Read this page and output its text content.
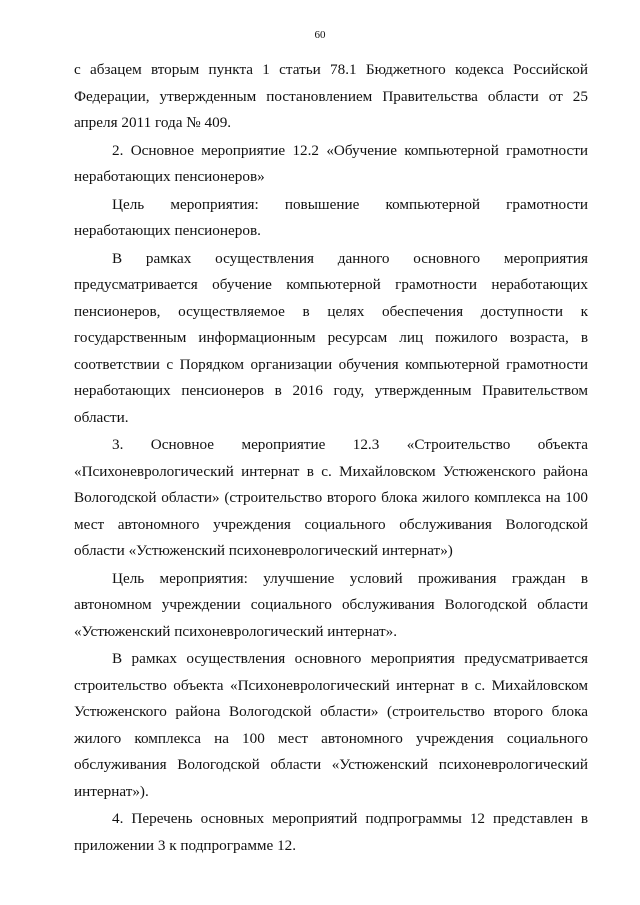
60

с абзацем вторым пункта 1 статьи 78.1 Бюджетного кодекса Российской Федерации, утвержденным постановлением Правительства области от 25 апреля 2011 года № 409.

2. Основное мероприятие 12.2 «Обучение компьютерной грамотности неработающих пенсионеров»

Цель мероприятия: повышение компьютерной грамотности неработающих пенсионеров.

В рамках осуществления данного основного мероприятия предусматривается обучение компьютерной грамотности неработающих пенсионеров, осуществляемое в целях обеспечения доступности к государственным информационным ресурсам лиц пожилого возраста, в соответствии с Порядком организации обучения компьютерной грамотности неработающих пенсионеров в 2016 году, утвержденным Правительством области.

3. Основное мероприятие 12.3 «Строительство объекта «Психоневрологический интернат в с. Михайловском Устюженского района Вологодской области» (строительство второго блока жилого комплекса на 100 мест автономного учреждения социального обслуживания Вологодской области «Устюженский психоневрологический интернат»)

Цель мероприятия: улучшение условий проживания граждан в автономном учреждении социального обслуживания Вологодской области «Устюженский психоневрологический интернат».

В рамках осуществления основного мероприятия предусматривается строительство объекта «Психоневрологический интернат в с. Михайловском Устюженского района Вологодской области» (строительство второго блока жилого комплекса на 100 мест автономного учреждения социального обслуживания Вологодской области «Устюженский психоневрологический интернат»).

4. Перечень основных мероприятий подпрограммы 12 представлен в приложении 3 к подпрограмме 12.
